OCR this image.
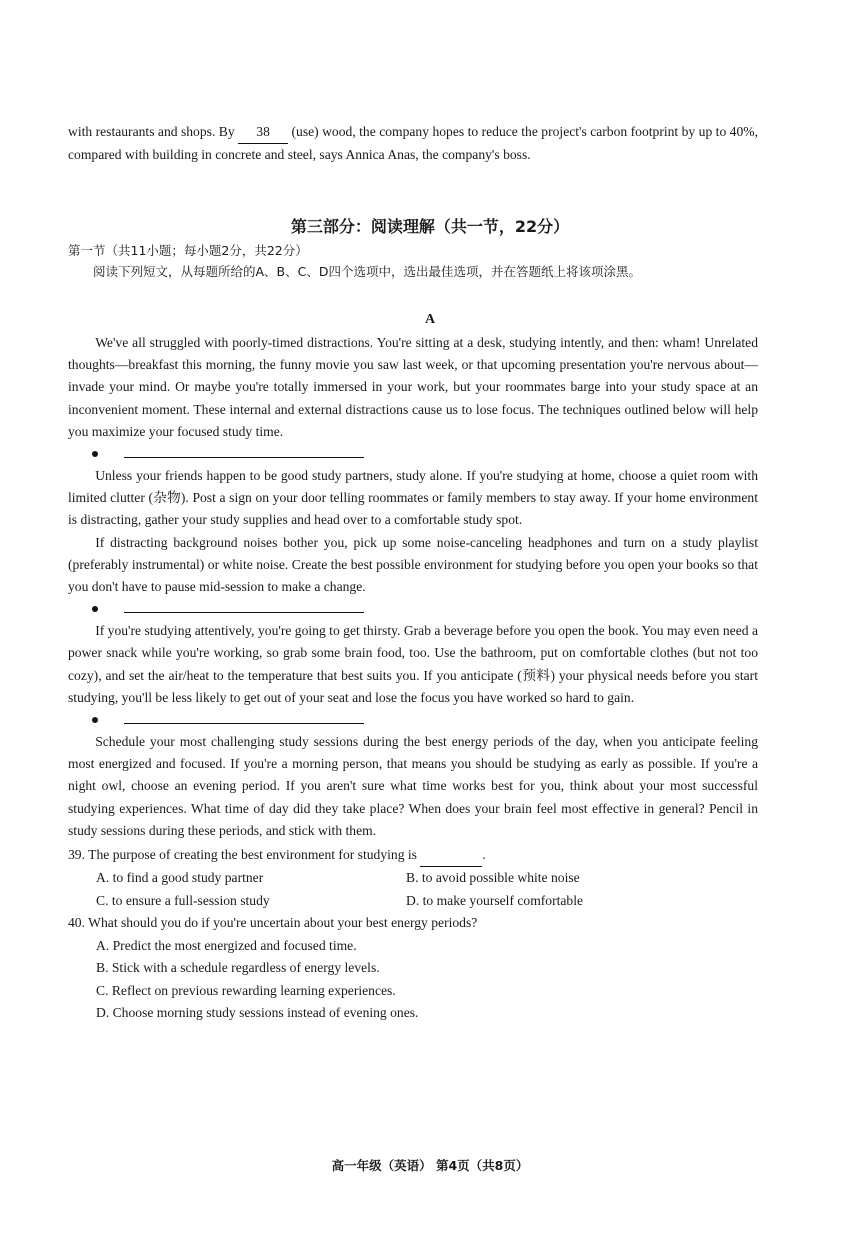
with restaurants and shops. By 38 (use) wood, the company hopes to reduce the project's carbon footprint by up to 40%, compared with building in concrete and steel, says Annica Anas, the company's boss.

第三部分：阅读理解（共一节，22分）

第一节（共11小题；每小题2分，共22分）

阅读下列短文，从每题所给的A、B、C、D四个选项中，选出最佳选项，并在答题纸上将该项涂黑。

A

We've all struggled with poorly-timed distractions. You're sitting at a desk, studying intently, and then: wham! Unrelated thoughts—breakfast this morning, the funny movie you saw last week, or that upcoming presentation you're nervous about—invade your mind. Or maybe you're totally immersed in your work, but your roommates barge into your study space at an inconvenient moment. These internal and external distractions cause us to lose focus. The techniques outlined below will help you maximize your focused study time.

Unless your friends happen to be good study partners, study alone. If you're studying at home, choose a quiet room with limited clutter (杂物). Post a sign on your door telling roommates or family members to stay away. If your home environment is distracting, gather your study supplies and head over to a comfortable study spot.

If distracting background noises bother you, pick up some noise-canceling headphones and turn on a study playlist (preferably instrumental) or white noise. Create the best possible environment for studying before you open your books so that you don't have to pause mid-session to make a change.

If you're studying attentively, you're going to get thirsty. Grab a beverage before you open the book. You may even need a power snack while you're working, so grab some brain food, too. Use the bathroom, put on comfortable clothes (but not too cozy), and set the air/heat to the temperature that best suits you. If you anticipate (预料) your physical needs before you start studying, you'll be less likely to get out of your seat and lose the focus you have worked so hard to gain.

Schedule your most challenging study sessions during the best energy periods of the day, when you anticipate feeling most energized and focused. If you're a morning person, that means you should be studying as early as possible. If you're a night owl, choose an evening period. If you aren't sure what time works best for you, think about your most successful studying experiences. What time of day did they take place? When does your brain feel most effective in general? Pencil in study sessions during these periods, and stick with them.

39. The purpose of creating the best environment for studying is	.

A. to find a good study partner	B. to avoid possible white noise
C. to ensure a full-session study	D. to make yourself comfortable

40. What should you do if you're uncertain about your best energy periods?

A. Predict the most energized and focused time.

B. Stick with a schedule regardless of energy levels.

C. Reflect on previous rewarding learning experiences.

D. Choose morning study sessions instead of evening ones.

高一年级（英语） 第4页（共8页）
